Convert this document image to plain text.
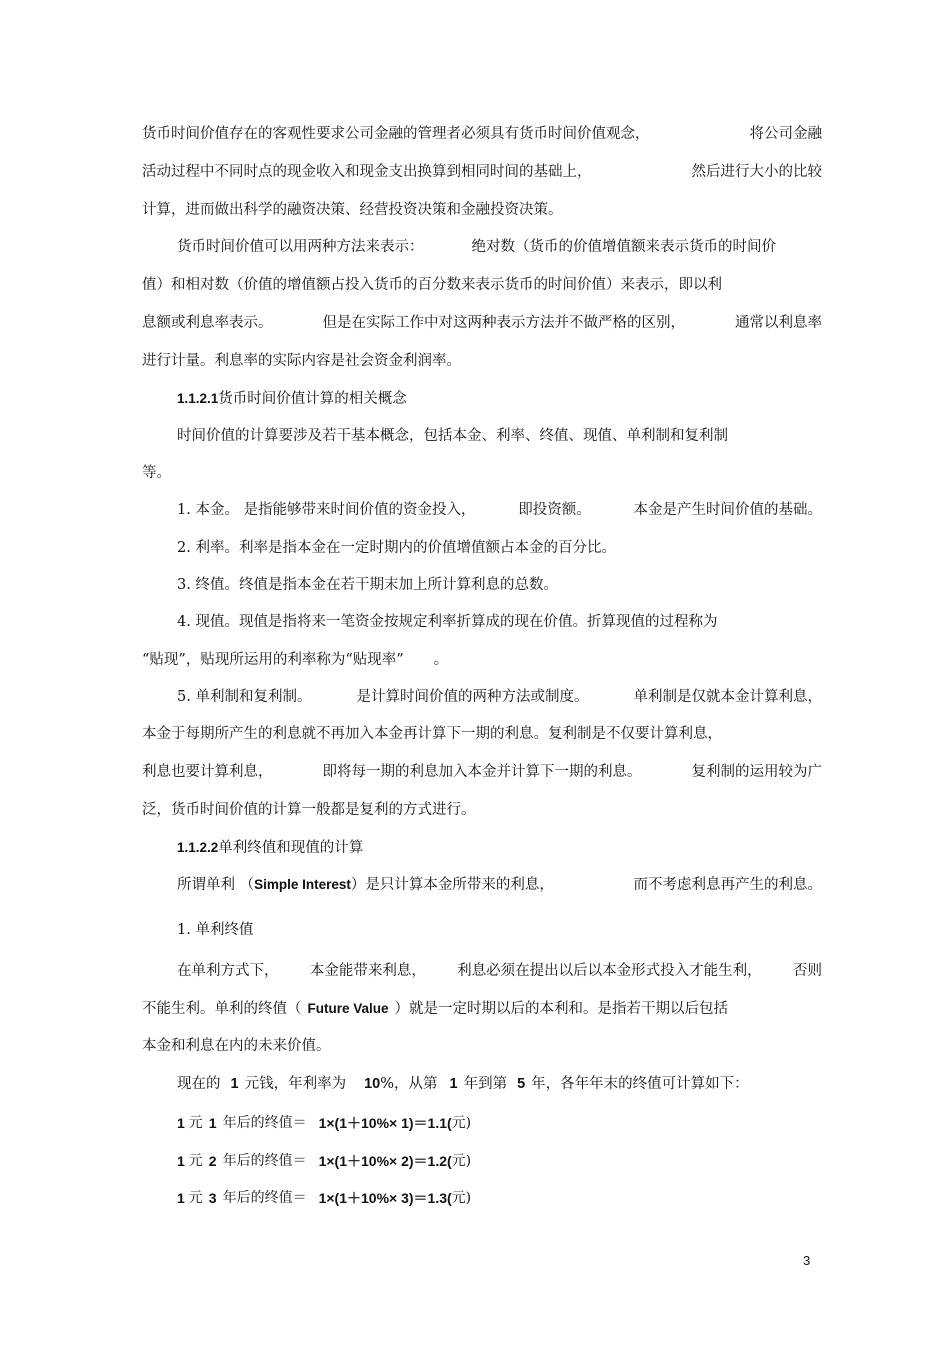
货币时间价值存在的客观性要求公司金融的管理者必须具有货币时间价值观念，	将公司金融
活动过程中不同时点的现金收入和现金支出换算到相同时间的基础上，	然后进行大小的比较
计算，进而做出科学的融资决策、经营投资决策和金融投资决策。
货币时间价值可以用两种方法来表示：	绝对数（货币的价值增值额来表示货币的时间价
值）和相对数（价值的增值额占投入货币的百分数来表示货币的时间价值）来表示，即以利
息额或利息率表示。	但是在实际工作中对这两种表示方法并不做严格的区别，	通常以利息率
进行计量。利息率的实际内容是社会资金利润率。
1.1.2.1 货币时间价值计算的相关概念
时间价值的计算要涉及若干基本概念，包括本金、利率、终值、现值、单利制和复利制
等。
1. 本金。 是指能够带来时间价值的资金投入，	即投资额。	本金是产生时间价值的基础。
2. 利率。利率是指本金在一定时期内的价值增值额占本金的百分比。
3. 终值。终值是指本金在若干期末加上所计算利息的总数。
4. 现值。现值是指将来一笔资金按规定利率折算成的现在价值。折算现值的过程称为
“贴现”，贴现所运用的利率称为“贴现率” 。
5. 单利制和复利制。	是计算时间价值的两种方法或制度。	单利制是仅就本金计算利息，
本金于每期所产生的利息就不再加入本金再计算下一期的利息。复利制是不仅要计算利息，
利息也要计算利息，	即将每一期的利息加入本金并计算下一期的利息。	复利制的运用较为广
泛，货币时间价值的计算一般都是复利的方式进行。
1.1.2.2 单利终值和现值的计算
所谓单利 （Simple Interest）是只计算本金所带来的利息，	而不考虑利息再产生的利息。
1. 单利终值
在单利方式下， 本金能带来利息， 利息必须在提出以后以本金形式投入才能生利， 否则
不能生利。单利的终值（ Future Value ）就是一定时期以后的本利和。是指若干期以后包括
本金和利息在内的未来价值。
现在的 1 元钱，年利率为 10 %，从第 1 年到第 5 年，各年年末的终值可计算如下：
1 元 1 年后的终值＝ 1×(1＋10%× 1)＝1.1( 元)
1 元 2 年后的终值＝ 1×(1＋10%× 2)＝1.2( 元)
1 元 3 年后的终值＝ 1×(1＋10%× 3)＝1.3( 元)
3
